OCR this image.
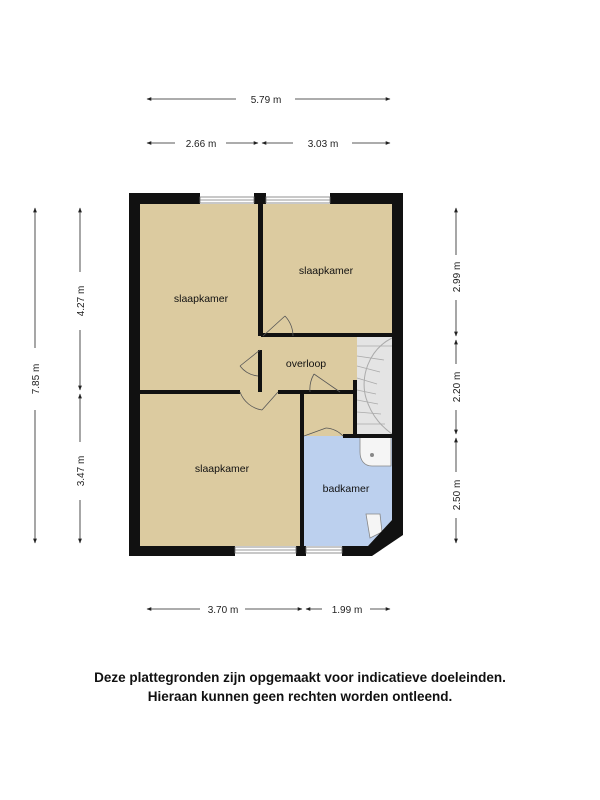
slaapkamer
slaapkamer
overloop
slaapkamer
badkamer
5.79 m
2.66 m	3.03 m
3.70 m	1.99 m
7.85 m
4.27 m
3.47 m
2.99 m
2.20 m
2.50 m
Deze plattegronden zijn opgemaakt voor indicatieve doeleinden.
Hieraan kunnen geen rechten worden ontleend.
